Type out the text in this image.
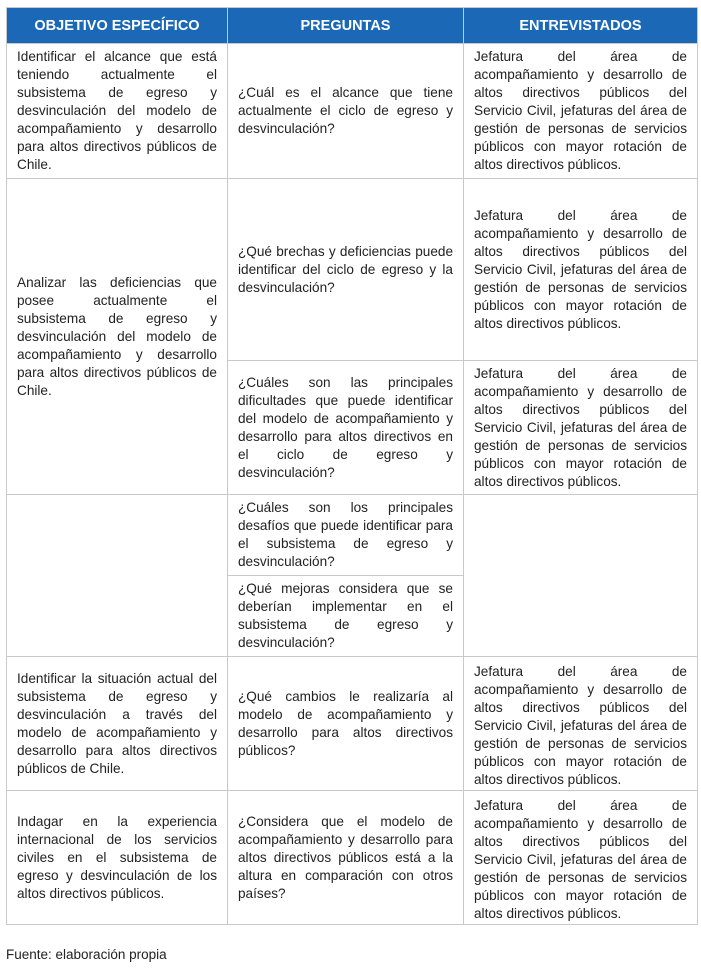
OBJETIVO ESPECÍFICO	PREGUNTAS	ENTREVISTADOS
Identificar el alcance que está teniendo actualmente el subsistema de egreso y desvinculación del modelo de acompañamiento y desarrollo para altos directivos públicos de Chile.	¿Cuál es el alcance que tiene actualmente el ciclo de egreso y desvinculación?	Jefatura del área de acompañamiento y desarrollo de altos directivos públicos del Servicio Civil, jefaturas del área de gestión de personas de servicios públicos con mayor rotación de altos directivos públicos.
Analizar las deficiencias que posee actualmente el subsistema de egreso y desvinculación del modelo de acompañamiento y desarrollo para altos directivos públicos de Chile.	¿Qué brechas y deficiencias puede identificar del ciclo de egreso y la desvinculación?	Jefatura del área de acompañamiento y desarrollo de altos directivos públicos del Servicio Civil, jefaturas del área de gestión de personas de servicios públicos con mayor rotación de altos directivos públicos.
	¿Cuáles son las principales dificultades que puede identificar del modelo de acompañamiento y desarrollo para altos directivos en el ciclo de egreso y desvinculación?	Jefatura del área de acompañamiento y desarrollo de altos directivos públicos del Servicio Civil, jefaturas del área de gestión de personas de servicios públicos con mayor rotación de altos directivos públicos.
	¿Cuáles son los principales desafíos que puede identificar para el subsistema de egreso y desvinculación?	
	¿Qué mejoras considera que se deberían implementar en el subsistema de egreso y desvinculación?	
Identificar la situación actual del subsistema de egreso y desvinculación a través del modelo de acompañamiento y desarrollo para altos directivos públicos de Chile.	¿Qué cambios le realizaría al modelo de acompañamiento y desarrollo para altos directivos públicos?	Jefatura del área de acompañamiento y desarrollo de altos directivos públicos del Servicio Civil, jefaturas del área de gestión de personas de servicios públicos con mayor rotación de altos directivos públicos.
Indagar en la experiencia internacional de los servicios civiles en el subsistema de egreso y desvinculación de los altos directivos públicos.	¿Considera que el modelo de acompañamiento y desarrollo para altos directivos públicos está a la altura en comparación con otros países?	Jefatura del área de acompañamiento y desarrollo de altos directivos públicos del Servicio Civil, jefaturas del área de gestión de personas de servicios públicos con mayor rotación de altos directivos públicos.
Fuente: elaboración propia
